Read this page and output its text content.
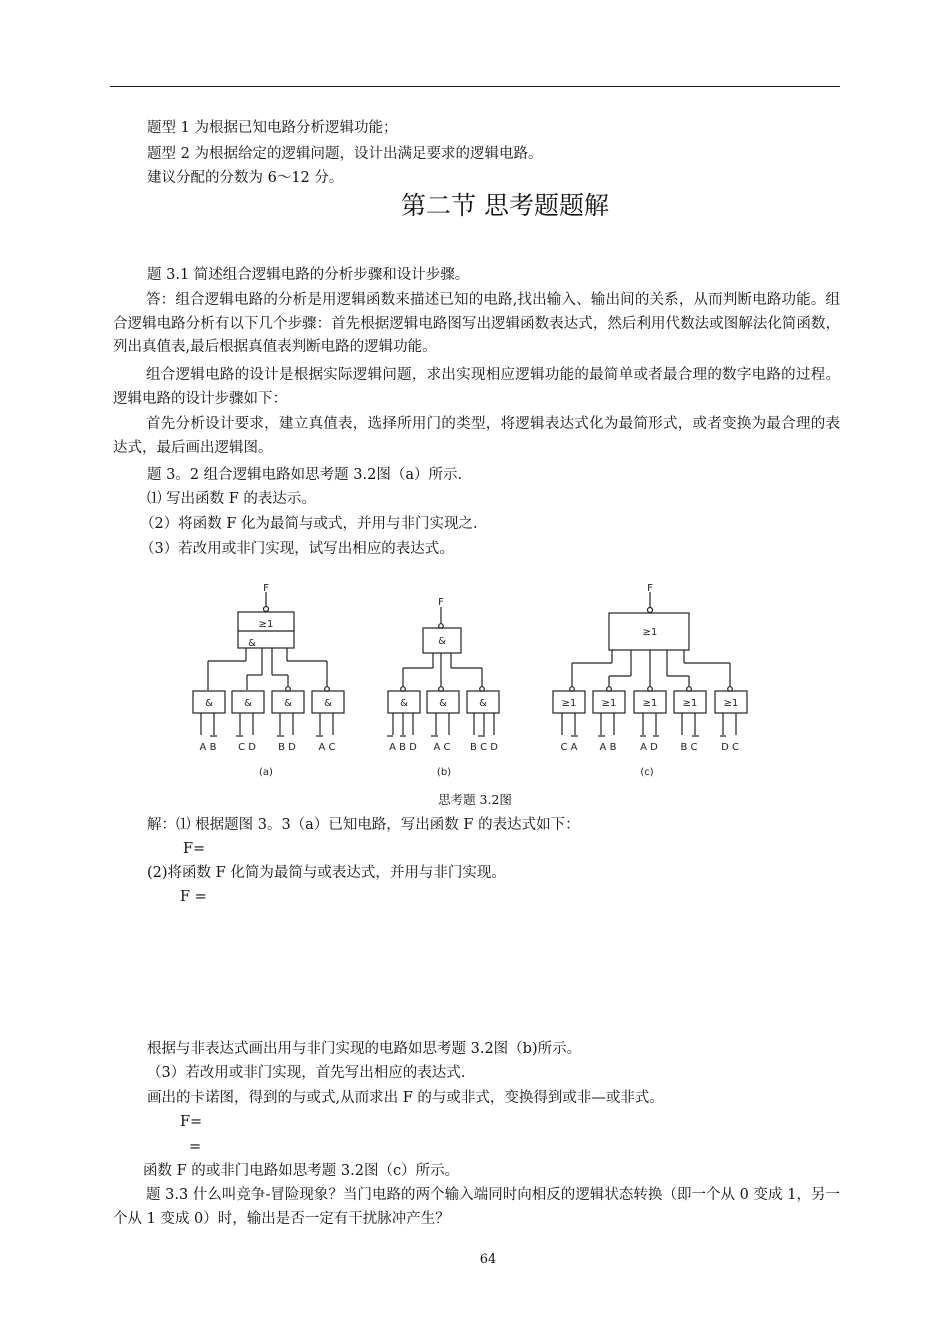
题型 1 为根据已知电路分析逻辑功能；
题型 2 为根据给定的逻辑问题，设计出满足要求的逻辑电路。
建议分配的分数为 6～12 分。
第二节 思考题题解
题 3.1 简述组合逻辑电路的分析步骤和设计步骤。
答：组合逻辑电路的分析是用逻辑函数来描述已知的电路,找出输入、输出间的关系，从而判断电路功能。组合逻辑电路分析有以下几个步骤：首先根据逻辑电路图写出逻辑函数表达式，然后利用代数法或图解法化简函数，列出真值表,最后根据真值表判断电路的逻辑功能。
组合逻辑电路的设计是根据实际逻辑问题，求出实现相应逻辑功能的最简单或者最合理的数字电路的过程。逻辑电路的设计步骤如下：
首先分析设计要求，建立真值表，选择所用门的类型，将逻辑表达式化为最简形式，或者变换为最合理的表达式，最后画出逻辑图。
题 3。2 组合逻辑电路如思考题 3.2图（a）所示.
⑴ 写出函数 F 的表达示。
（2）将函数 F 化为最简与或式，并用与非门实现之.
（3）若改用或非门实现，试写出相应的表达式。
F
≥1
&
&	&	&	&
A B C D B D A C
F
&
&	&	&
A B D A C B C D
F
≥1
≥1	≥1	≥1	≥1	≥1
C A A B A D B C D C
(a)	(b)	(c)
思考题 3.2图
解：⑴ 根据题图 3。3（a）已知电路，写出函数 F 的表达式如下：
F=
(2)将函数 F 化简为最简与或表达式，并用与非门实现。
F =
根据与非表达式画出用与非门实现的电路如思考题 3.2图（b)所示。
（3）若改用或非门实现，首先写出相应的表达式.
画出的卡诺图，得到的与或式,从而求出 F 的与或非式，变换得到或非—或非式。
F=
=
函数 F 的或非门电路如思考题 3.2图（c）所示。
题 3.3 什么叫竞争-冒险现象？当门电路的两个输入端同时向相反的逻辑状态转换（即一个从 0 变成 1，另一个从 1 变成 0）时，输出是否一定有干扰脉冲产生？
64
